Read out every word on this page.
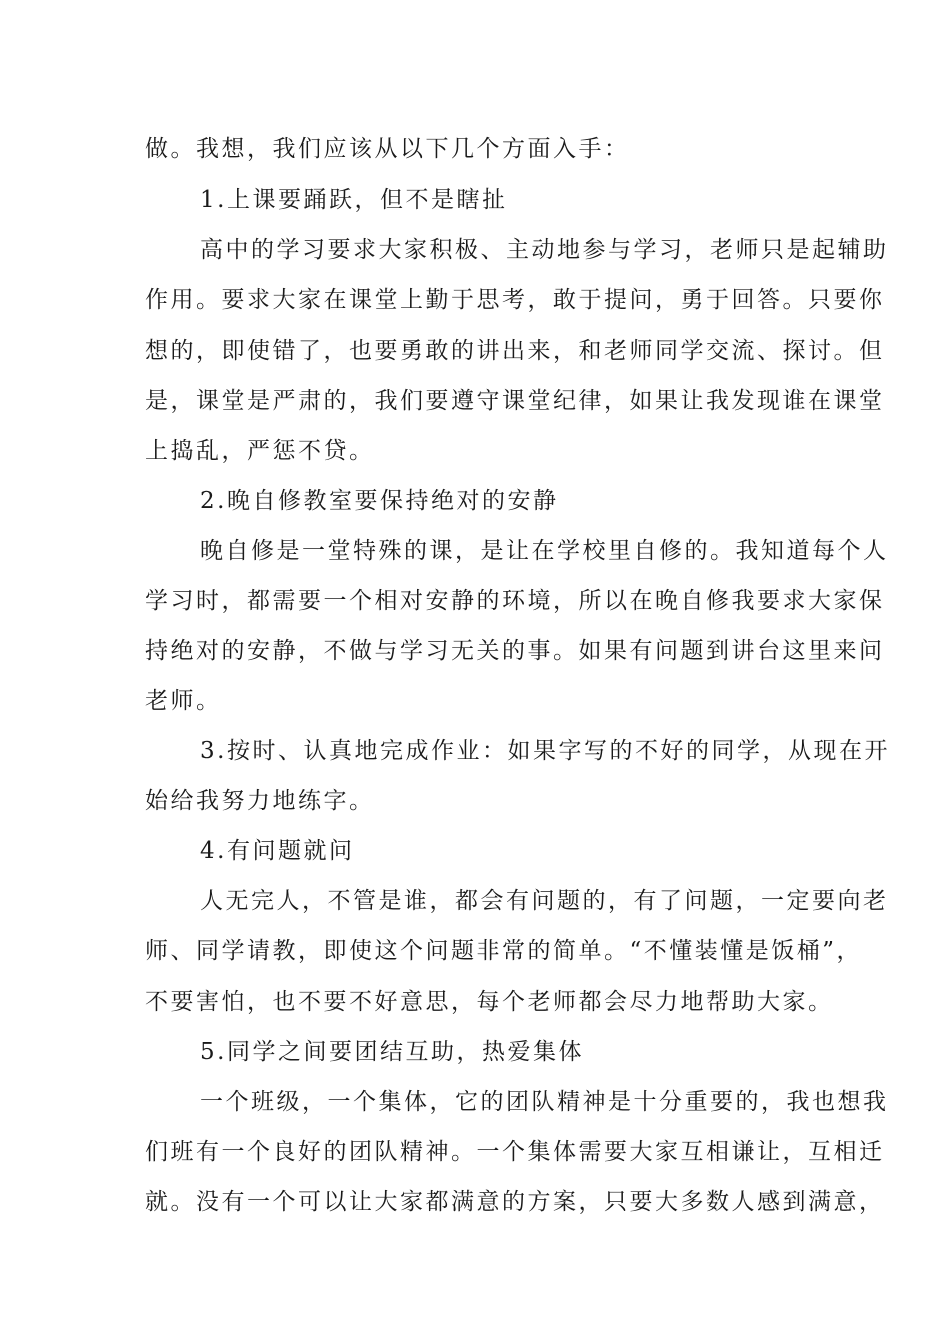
做。我想，我们应该从以下几个方面入手：
1.上课要踊跃，但不是瞎扯
高中的学习要求大家积极、主动地参与学习，老师只是起辅助
作用。要求大家在课堂上勤于思考，敢于提问，勇于回答。只要你
想的，即使错了，也要勇敢的讲出来，和老师同学交流、探讨。但
是，课堂是严肃的，我们要遵守课堂纪律，如果让我发现谁在课堂
上捣乱，严惩不贷。
2.晚自修教室要保持绝对的安静
晚自修是一堂特殊的课，是让在学校里自修的。我知道每个人
学习时，都需要一个相对安静的环境，所以在晚自修我要求大家保
持绝对的安静，不做与学习无关的事。如果有问题到讲台这里来问
老师。
3.按时、认真地完成作业：如果字写的不好的同学，从现在开
始给我努力地练字。
4.有问题就问
人无完人，不管是谁，都会有问题的，有了问题，一定要向老
师、同学请教，即使这个问题非常的简单。“不懂装懂是饭桶”，
不要害怕，也不要不好意思，每个老师都会尽力地帮助大家。
5.同学之间要团结互助，热爱集体
一个班级，一个集体，它的团队精神是十分重要的，我也想我
们班有一个良好的团队精神。一个集体需要大家互相谦让，互相迁
就。没有一个可以让大家都满意的方案，只要大多数人感到满意，
